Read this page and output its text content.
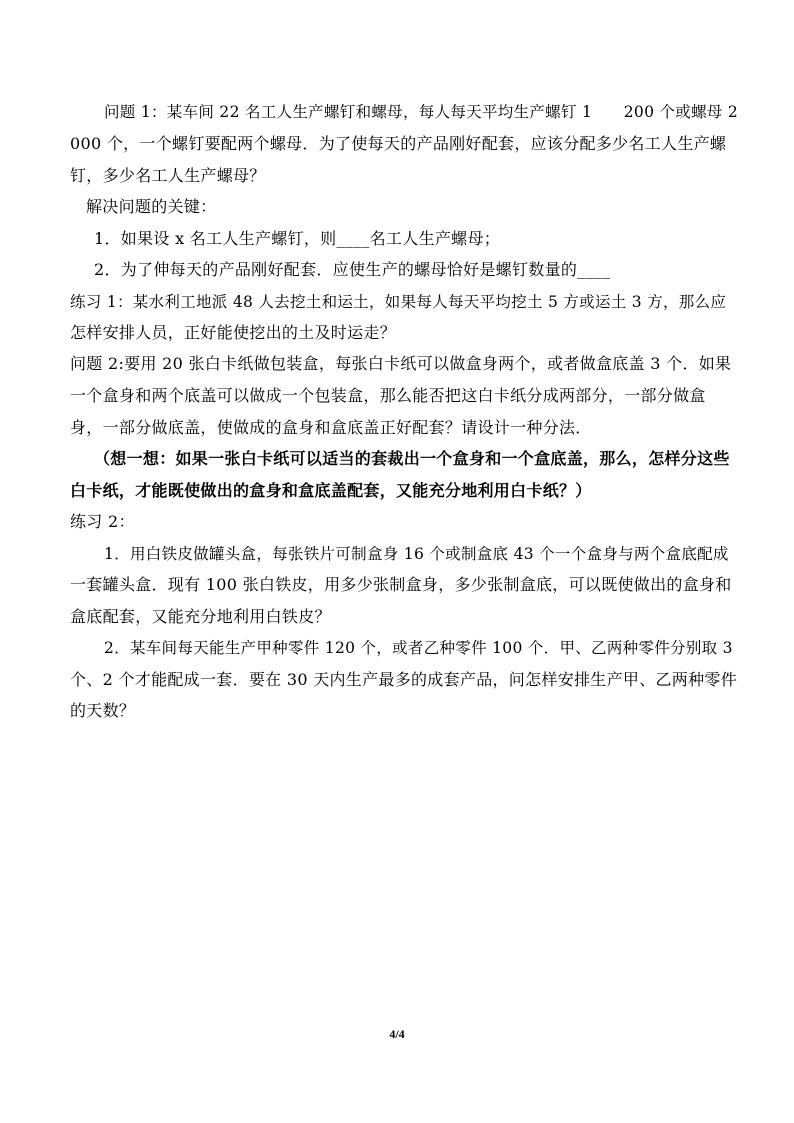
问题 1：某车间 22 名工人生产螺钉和螺母，每人每天平均生产螺钉 1　　200 个或螺母 2
000 个，一个螺钉要配两个螺母．为了使每天的产品刚好配套，应该分配多少名工人生产螺
钉，多少名工人生产螺母？
解决问题的关键：
1．如果设 x 名工人生产螺钉，则____名工人生产螺母；
2．为了伸每天的产品刚好配套．应使生产的螺母恰好是螺钉数量的____
练习 1：某水利工地派 48 人去挖土和运土，如果每人每天平均挖土 5 方或运土 3 方，那么应
怎样安排人员，正好能使挖出的土及时运走？
问题 2:要用 20 张白卡纸做包装盒，每张白卡纸可以做盒身两个，或者做盒底盖 3 个．如果
一个盒身和两个底盖可以做成一个包装盒，那么能否把这白卡纸分成两部分，一部分做盒
身，一部分做底盖，使做成的盒身和盒底盖正好配套？请设计一种分法．
（想一想：如果一张白卡纸可以适当的套裁出一个盒身和一个盒底盖，那么，怎样分这些
白卡纸，才能既使做出的盒身和盒底盖配套，又能充分地利用白卡纸？）
练习 2：
1．用白铁皮做罐头盒，每张铁片可制盒身 16 个或制盒底 43 个一个盒身与两个盒底配成
一套罐头盒．现有 100 张白铁皮，用多少张制盒身，多少张制盒底，可以既使做出的盒身和
盒底配套，又能充分地利用白铁皮？
2．某车间每天能生产甲种零件 120 个，或者乙种零件 100 个．甲、乙两种零件分别取 3
个、2 个才能配成一套．要在 30 天内生产最多的成套产品，问怎样安排生产甲、乙两种零件
的天数？
4/4
